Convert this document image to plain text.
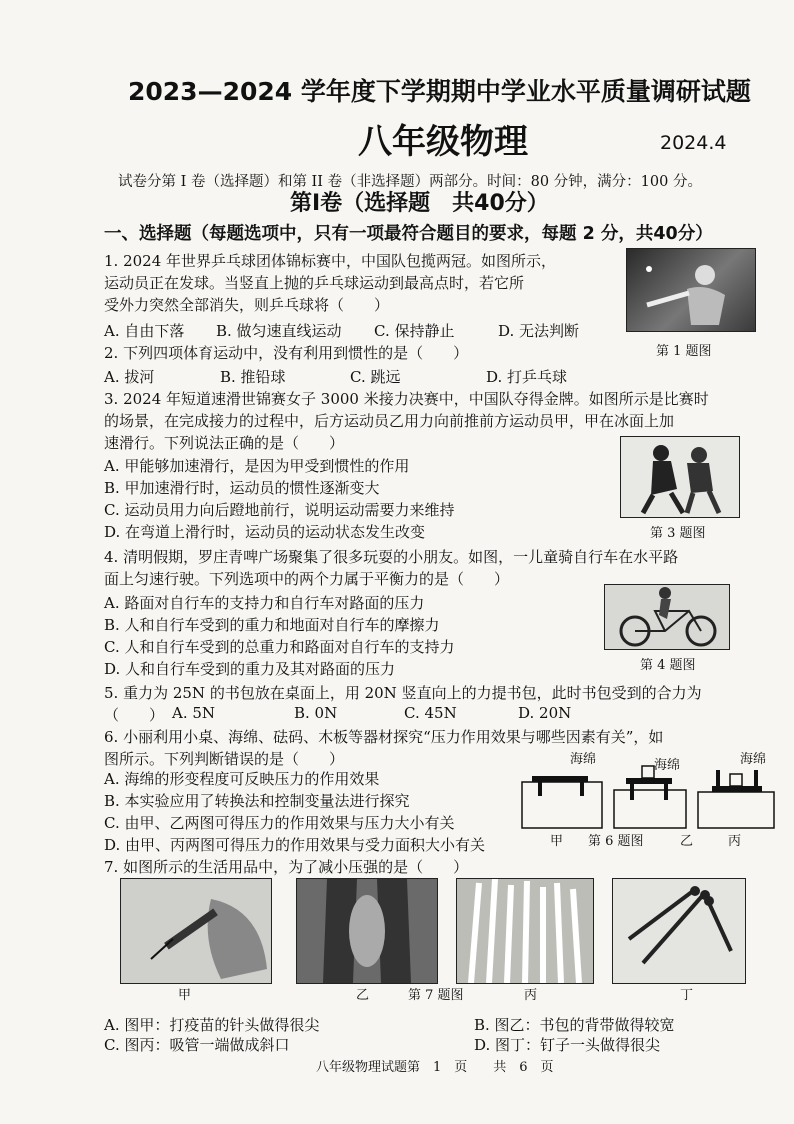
2023—2024 学年度下学期期中学业水平质量调研试题
八年级物理	2024.4
试卷分第 I 卷（选择题）和第 II 卷（非选择题）两部分。时间：80 分钟，满分：100 分。
第Ⅰ卷（选择题　共40分）
一、选择题（每题选项中，只有一项最符合题目的要求，每题 2 分，共40分）
1. 2024 年世界乒乓球团体锦标赛中，中国队包揽两冠。如图所示，
运动员正在发球。当竖直上抛的乒乓球运动到最高点时，若它所
受外力突然全部消失，则乒乓球将（　　）
A. 自由下落 B. 做匀速直线运动 C. 保持静止	D. 无法判断
第 1 题图
2. 下列四项体育运动中，没有利用到惯性的是（　　）
A. 拔河	B. 推铅球	C. 跳远	D. 打乒乓球
3. 2024 年短道速滑世锦赛女子 3000 米接力决赛中，中国队夺得金牌。如图所示是比赛时
的场景，在完成接力的过程中，后方运动员乙用力向前推前方运动员甲，甲在冰面上加
速滑行。下列说法正确的是（　　）
A. 甲能够加速滑行，是因为甲受到惯性的作用
B. 甲加速滑行时，运动员的惯性逐渐变大
C. 运动员用力向后蹬地前行，说明运动需要力来维持
D. 在弯道上滑行时，运动员的运动状态发生改变	第 3 题图
4. 清明假期，罗庄青啤广场聚集了很多玩耍的小朋友。如图，一儿童骑自行车在水平路
面上匀速行驶。下列选项中的两个力属于平衡力的是（　　）
A. 路面对自行车的支持力和自行车对路面的压力
B. 人和自行车受到的重力和地面对自行车的摩擦力
C. 人和自行车受到的总重力和路面对自行车的支持力
D. 人和自行车受到的重力及其对路面的压力	第 4 题图
5. 重力为 25N 的书包放在桌面上，用 20N 竖直向上的力提书包，此时书包受到的合力为
（　　） A. 5N	B. 0N	C. 45N	D. 20N
6. 小丽利用小桌、海绵、砝码、木板等器材探究“压力作用效果与哪些因素有关”，如
图所示。下列判断错误的是（　　）
A. 海绵的形变程度可反映压力的作用效果
B. 本实验应用了转换法和控制变量法进行探究
C. 由甲、乙两图可得压力的作用效果与压力大小有关
D. 由甲、丙两图可得压力的作用效果与受力面积大小有关
海绵	海绵	海绵
甲 第 6 题图	乙	丙
7. 如图所示的生活用品中，为了减小压强的是（　　）
甲	乙	第 7 题图	丙	丁
A. 图甲：打疫苗的针头做得很尖	B. 图乙：书包的背带做得较宽
C. 图丙：吸管一端做成斜口	D. 图丁：钉子一头做得很尖
八年级物理试题第　1　页　　共　6　页
